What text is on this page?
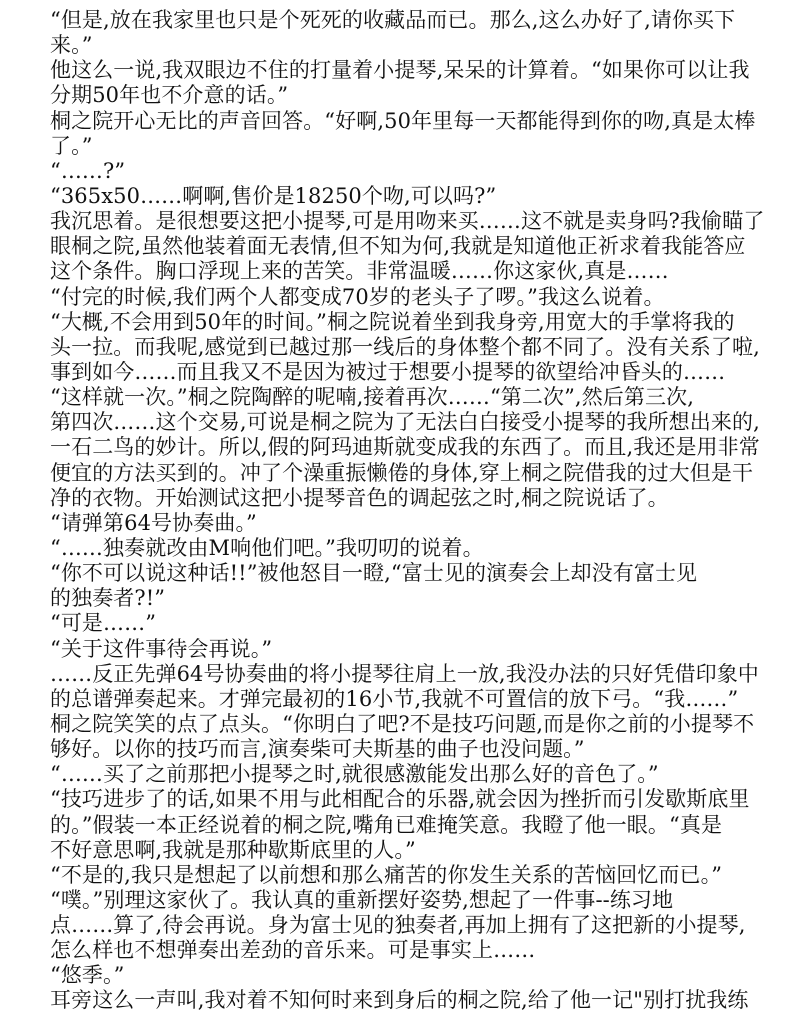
“但是,放在我家里也只是个死死的收藏品而已。那么,这么办好了,请你买下
来。”
他这么一说,我双眼边不住的打量着小提琴,呆呆的计算着。“如果你可以让我
分期50年也不介意的话。”
桐之院开心无比的声音回答。“好啊,50年里每一天都能得到你的吻,真是太棒
了。”
“……?”
“365x50……啊啊,售价是18250个吻,可以吗?”
我沉思着。是很想要这把小提琴,可是用吻来买……这不就是卖身吗?我偷瞄了
眼桐之院,虽然他装着面无表情,但不知为何,我就是知道他正祈求着我能答应
这个条件。胸口浮现上来的苦笑。非常温暖……你这家伙,真是……
“付完的时候,我们两个人都变成70岁的老头子了啰。”我这么说着。
“大概,不会用到50年的时间。”桐之院说着坐到我身旁,用宽大的手掌将我的
头一拉。而我呢,感觉到已越过那一线后的身体整个都不同了。没有关系了啦,
事到如今……而且我又不是因为被过于想要小提琴的欲望给冲昏头的……
“这样就一次。”桐之院陶醉的呢喃,接着再次……“第二次”,然后第三次,
第四次……这个交易,可说是桐之院为了无法白白接受小提琴的我所想出来的,
一石二鸟的妙计。所以,假的阿玛迪斯就变成我的东西了。而且,我还是用非常
便宜的方法买到的。冲了个澡重振懒倦的身体,穿上桐之院借我的过大但是干
净的衣物。开始测试这把小提琴音色的调起弦之时,桐之院说话了。
“请弹第64号协奏曲。”
“……独奏就改由M响他们吧。”我叨叨的说着。
“你不可以说这种话!!”被他怒目一瞪,“富士见的演奏会上却没有富士见
的独奏者?!”
“可是……”
“关于这件事待会再说。”
……反正先弹64号协奏曲的将小提琴往肩上一放,我没办法的只好凭借印象中
的总谱弹奏起来。才弹完最初的16小节,我就不可置信的放下弓。“我……”
桐之院笑笑的点了点头。“你明白了吧?不是技巧问题,而是你之前的小提琴不
够好。以你的技巧而言,演奏柴可夫斯基的曲子也没问题。”
“……买了之前那把小提琴之时,就很感激能发出那么好的音色了。”
“技巧进步了的话,如果不用与此相配合的乐器,就会因为挫折而引发歇斯底里
的。”假装一本正经说着的桐之院,嘴角已难掩笑意。我瞪了他一眼。“真是
不好意思啊,我就是那种歇斯底里的人。”
“不是的,我只是想起了以前想和那么痛苦的你发生关系的苦恼回忆而已。”
“噗。”别理这家伙了。我认真的重新摆好姿势,想起了一件事--练习地
点……算了,待会再说。身为富士见的独奏者,再加上拥有了这把新的小提琴,
怎么样也不想弹奏出差劲的音乐来。可是事实上……
“悠季。”
耳旁这么一声叫,我对着不知何时来到身后的桐之院,给了他一记"别打扰我练
